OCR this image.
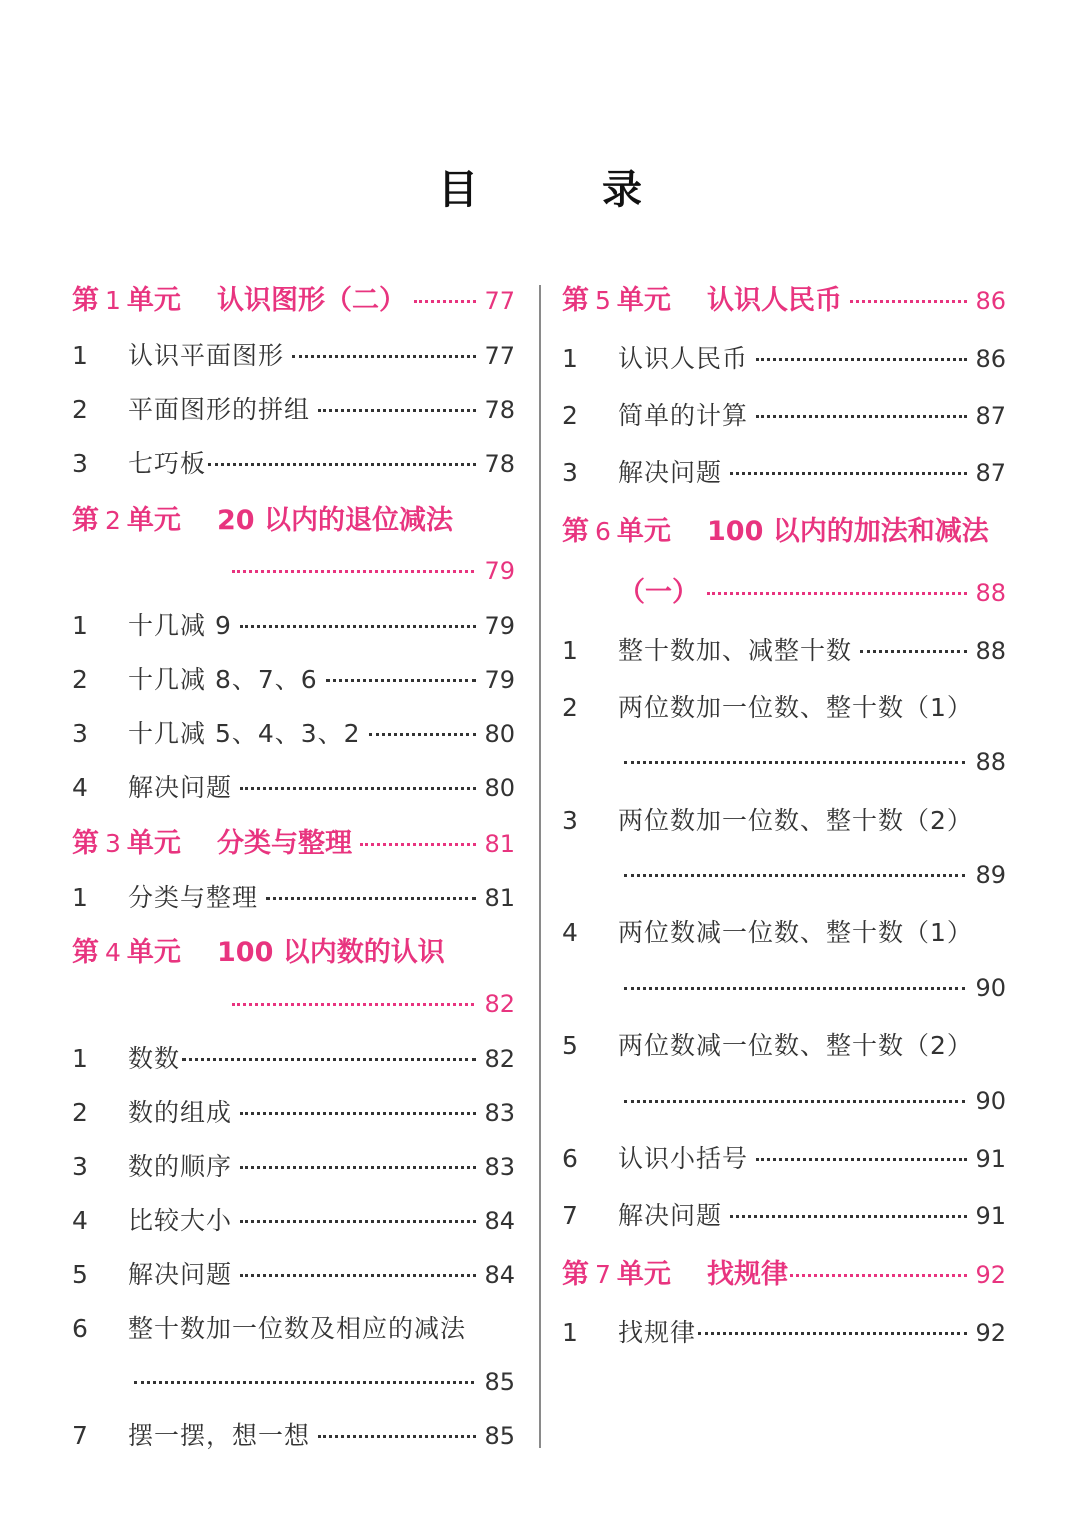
目　录
第 1 单元	认识图形（二）	77
1	认识平面图形	77
2	平面图形的拼组	78
3	七巧板	78
第 2 单元	20 以内的退位减法
79
1	十几减 9	79
2	十几减 8、7、6	79
3	十几减 5、4、3、2	80
4	解决问题	80
第 3 单元	分类与整理	81
1	分类与整理	81
第 4 单元	100 以内数的认识
82
1	数数	82
2	数的组成	83
3	数的顺序	83
4	比较大小	84
5	解决问题	84
6	整十数加一位数及相应的减法
85
7	摆一摆，想一想	85
第 5 单元	认识人民币	86
1	认识人民币	86
2	简单的计算	87
3	解决问题	87
第 6 单元	100 以内的加法和减法
（一）	88
1	整十数加、减整十数	88
2	两位数加一位数、整十数（1）
88
3	两位数加一位数、整十数（2）
89
4	两位数减一位数、整十数（1）
90
5	两位数减一位数、整十数（2）
90
6	认识小括号	91
7	解决问题	91
第 7 单元	找规律	92
1	找规律	92
